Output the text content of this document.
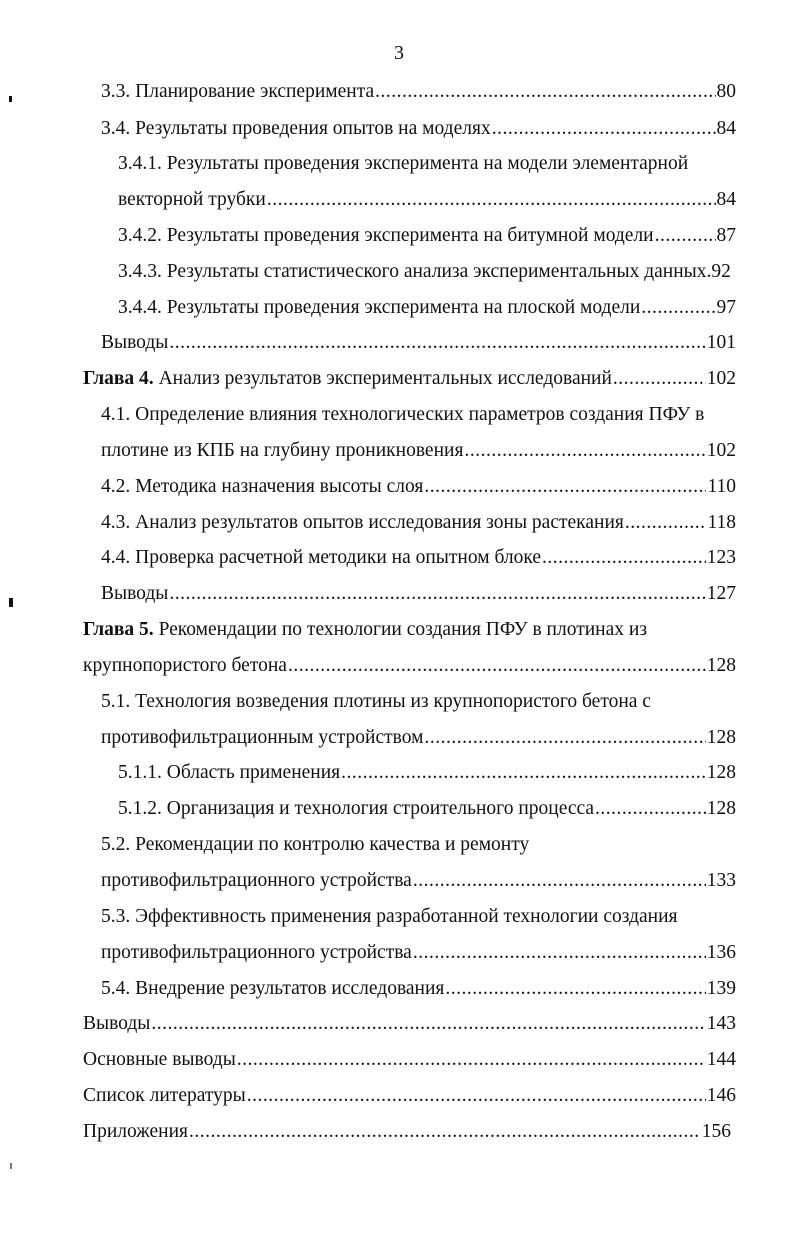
3
3.3. Планирование эксперимента .....	80
3.4. Результаты проведения опытов на моделях .....	84
3.4.1. Результаты проведения эксперимента на модели элементарной
векторной трубки .....	84
3.4.2. Результаты проведения эксперимента на битумной модели .....	87
3.4.3. Результаты статистического анализа экспериментальных данных. 92
3.4.4. Результаты проведения эксперимента на плоской модели .....	97
Выводы .....	101
Глава 4. Анализ результатов экспериментальных исследований .....	102
4.1. Определение влияния технологических параметров создания ПФУ в
плотине из КПБ на глубину проникновения .....	102
4.2. Методика назначения высоты слоя .....	110
4.3. Анализ результатов опытов исследования зоны растекания .....	118
4.4. Проверка расчетной методики на опытном блоке .....	123
Выводы .....	127
Глава 5. Рекомендации по технологии создания ПФУ в плотинах из
крупнопористого бетона .....	128
5.1. Технология возведения плотины из крупнопористого бетона с
противофильтрационным устройством .....	128
5.1.1. Область применения .....	128
5.1.2. Организация и технология строительного процесса .....	128
5.2. Рекомендации по контролю качества и ремонту
противофильтрационного устройства .....	133
5.3. Эффективность применения разработанной технологии создания
противофильтрационного устройства .....	136
5.4. Внедрение результатов исследования .....	139
Выводы .....	143
Основные выводы .....	144
Список литературы .....	146
Приложения .....	156
